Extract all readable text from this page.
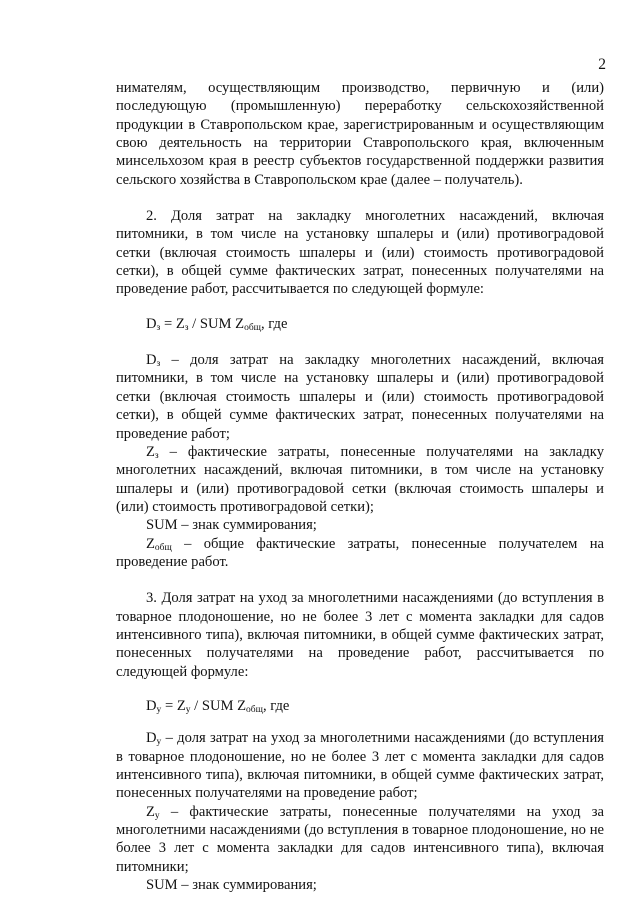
2

нимателям, осуществляющим производство, первичную и (или) последующую (промышленную) переработку сельскохозяйственной продукции в Ставропольском крае, зарегистрированным и осуществляющим свою деятельность на территории Ставропольского края, включенным минсельхозом края в реестр субъектов государственной поддержки развития сельского хозяйства в Ставропольском крае (далее – получатель).

2. Доля затрат на закладку многолетних насаждений, включая питомники, в том числе на установку шпалеры и (или) противоградовой сетки (включая стоимость шпалеры и (или) стоимость противоградовой сетки), в общей сумме фактических затрат, понесенных получателями на проведение работ, рассчитывается по следующей формуле:

$D_з = Z_з$ / SUM $Z_{общ}$, где

$D_з$ – доля затрат на закладку многолетних насаждений, включая питомники, в том числе на установку шпалеры и (или) противоградовой сетки (включая стоимость шпалеры и (или) стоимость противоградовой сетки), в общей сумме фактических затрат, понесенных получателями на проведение работ;

$Z_з$ – фактические затраты, понесенные получателями на закладку многолетних насаждений, включая питомники, в том числе на установку шпалеры и (или) противоградовой сетки (включая стоимость шпалеры и (или) стоимость противоградовой сетки);

SUM – знак суммирования;

$Z_{общ}$ – общие фактические затраты, понесенные получателем на проведение работ.

3. Доля затрат на уход за многолетними насаждениями (до вступления в товарное плодоношение, но не более 3 лет с момента закладки для садов интенсивного типа), включая питомники, в общей сумме фактических затрат, понесенных получателями на проведение работ, рассчитывается по следующей формуле:

$D_у = Z_у$ / SUM $Z_{общ}$, где

$D_у$ – доля затрат на уход за многолетними насаждениями (до вступления в товарное плодоношение, но не более 3 лет с момента закладки для садов интенсивного типа), включая питомники, в общей сумме фактических затрат, понесенных получателями на проведение работ;

$Z_у$ – фактические затраты, понесенные получателями на уход за многолетними насаждениями (до вступления в товарное плодоношение, но не более 3 лет с момента закладки для садов интенсивного типа), включая питомники;

SUM – знак суммирования;
